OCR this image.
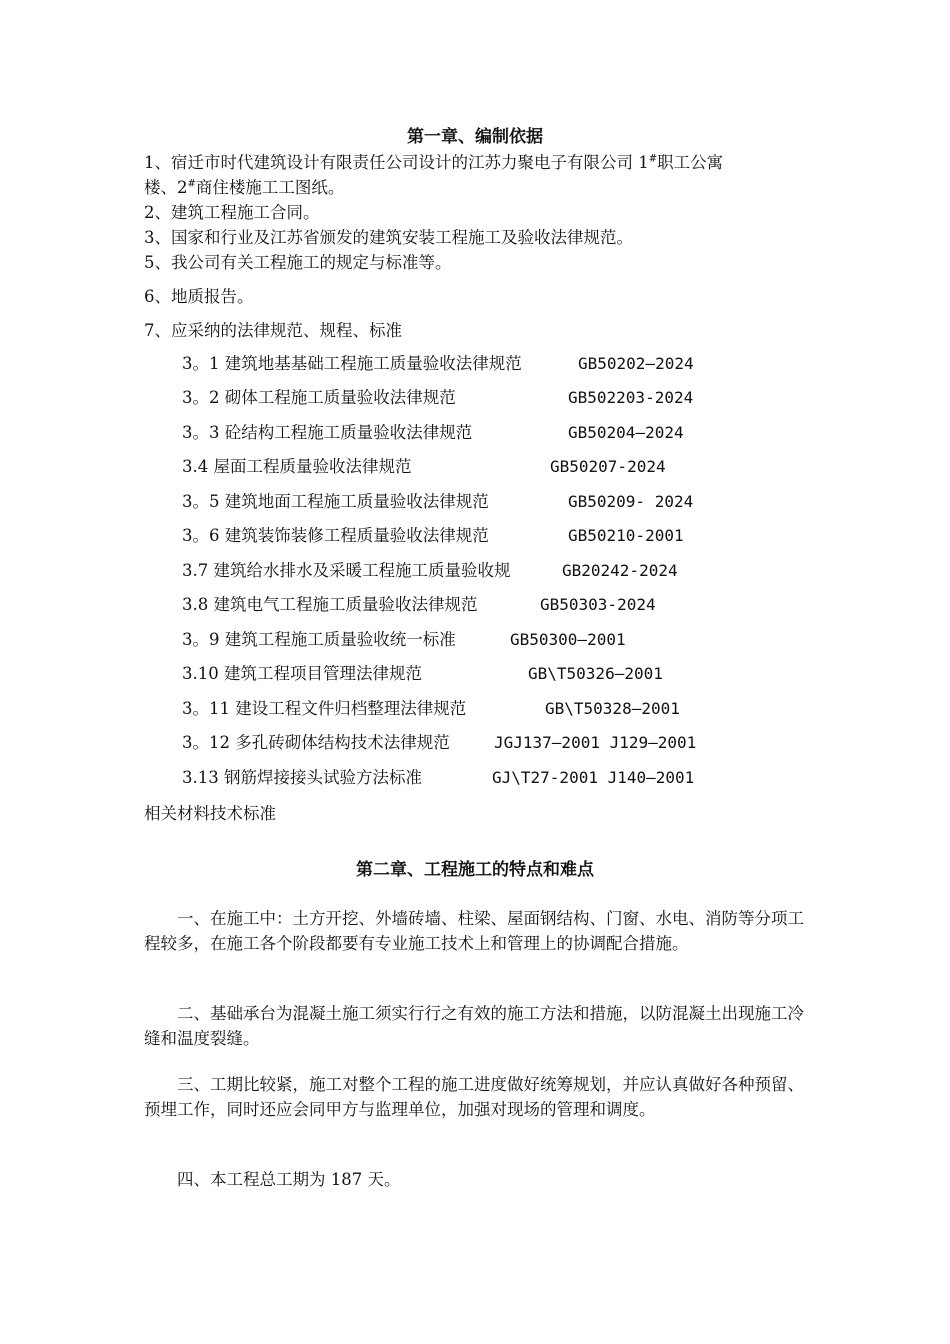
第一章、编制依据
1、宿迁市时代建筑设计有限责任公司设计的江苏力聚电子有限公司 1#职工公寓
楼、2#商住楼施工工图纸。
2、建筑工程施工合同。
3、国家和行业及江苏省颁发的建筑安装工程施工及验收法律规范。
5、我公司有关工程施工的规定与标准等。
6、地质报告。
7、应采纳的法律规范、规程、标准
3。1 建筑地基基础工程施工质量验收法律规范	GB50202—2024
3。2 砌体工程施工质量验收法律规范	GB502203-2024
3。3 砼结构工程施工质量验收法律规范	GB50204—2024
3.4 屋面工程质量验收法律规范	GB50207-2024
3。5 建筑地面工程施工质量验收法律规范	GB50209- 2024
3。6 建筑装饰装修工程质量验收法律规范	GB50210-2001
3.7 建筑给水排水及采暖工程施工质量验收规	GB20242-2024
3.8 建筑电气工程施工质量验收法律规范	GB50303-2024
3。9 建筑工程施工质量验收统一标准	GB50300—2001
3.10 建筑工程项目管理法律规范	GB\T50326—2001
3。11 建设工程文件归档整理法律规范	GB\T50328—2001
3。12 多孔砖砌体结构技术法律规范	JGJ137—2001 J129—2001
3.13 钢筋焊接接头试验方法标准	GJ\T27-2001 J140—2001
相关材料技术标准
第二章、工程施工的特点和难点
一、在施工中：土方开挖、外墙砖墙、柱梁、屋面钢结构、门窗、水电、消防等分项工程较多，在施工各个阶段都要有专业施工技术上和管理上的协调配合措施。
二、基础承台为混凝土施工须实行行之有效的施工方法和措施，以防混凝土出现施工冷缝和温度裂缝。
三、工期比较紧，施工对整个工程的施工进度做好统筹规划，并应认真做好各种预留、预埋工作，同时还应会同甲方与监理单位，加强对现场的管理和调度。
四、本工程总工期为 187 天。
